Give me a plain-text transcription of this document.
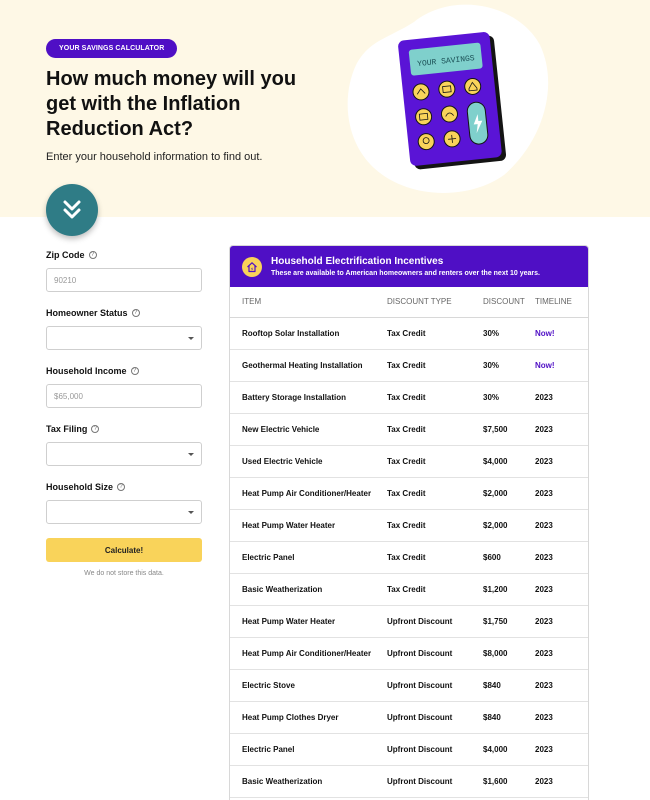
YOUR SAVINGS CALCULATOR
How much money will you get with the Inflation Reduction Act?

Enter your household information to find out.

YOUR SAVINGS
Zip Code	?
90210
Homeowner Status	?
Household Income	?
$65,000
Tax Filing	?
Household Size	?
Calculate!

We do not store this data.

Household Electrification Incentives
These are available to American homeowners and renters over the next 10 years.
ITEM	DISCOUNT TYPE	DISCOUNT	TIMELINE
Rooftop Solar Installation	Tax Credit	30%	Now!
Geothermal Heating Installation	Tax Credit	30%	Now!
Battery Storage Installation	Tax Credit	30%	2023
New Electric Vehicle	Tax Credit	$7,500	2023
Used Electric Vehicle	Tax Credit	$4,000	2023
Heat Pump Air Conditioner/Heater	Tax Credit	$2,000	2023
Heat Pump Water Heater	Tax Credit	$2,000	2023
Electric Panel	Tax Credit	$600	2023
Basic Weatherization	Tax Credit	$1,200	2023
Heat Pump Water Heater	Upfront Discount	$1,750	2023
Heat Pump Air Conditioner/Heater	Upfront Discount	$8,000	2023
Electric Stove	Upfront Discount	$840	2023
Heat Pump Clothes Dryer	Upfront Discount	$840	2023
Electric Panel	Upfront Discount	$4,000	2023
Basic Weatherization	Upfront Discount	$1,600	2023
